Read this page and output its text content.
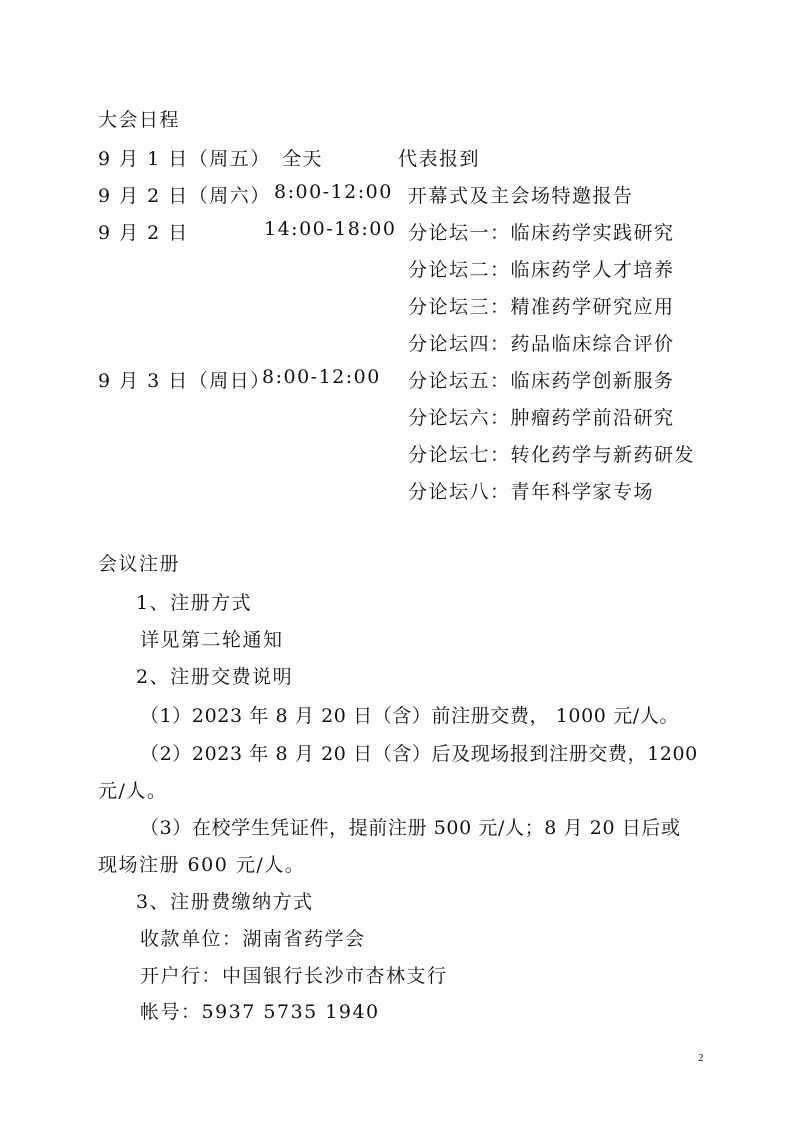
大会日程
9 月 1 日（周五） 全天	代表报到
9 月 2 日（周六） 8:00-12:00 开幕式及主会场特邀报告
9 月 2 日	14:00-18:00 分论坛一：临床药学实践研究
分论坛二：临床药学人才培养
分论坛三：精准药学研究应用
分论坛四：药品临床综合评价
9 月 3 日（周日）
8:00-12:00 分论坛五：临床药学创新服务
分论坛六：肿瘤药学前沿研究
分论坛七：转化药学与新药研发
分论坛八：青年科学家专场
会议注册
1、注册方式
详见第二轮通知
2、注册交费说明
（1）2023 年 8 月 20 日（含）前注册交费， 1000 元/人。
（2）2023 年 8 月 20 日（含）后及现场报到注册交费，1200
元/人。
（3）在校学生凭证件，提前注册 500 元/人；8 月 20 日后或
现场注册 600 元/人。
3、注册费缴纳方式
收款单位：湖南省药学会
开户行：中国银行长沙市杏林支行
帐号：5937 5735 1940
2
